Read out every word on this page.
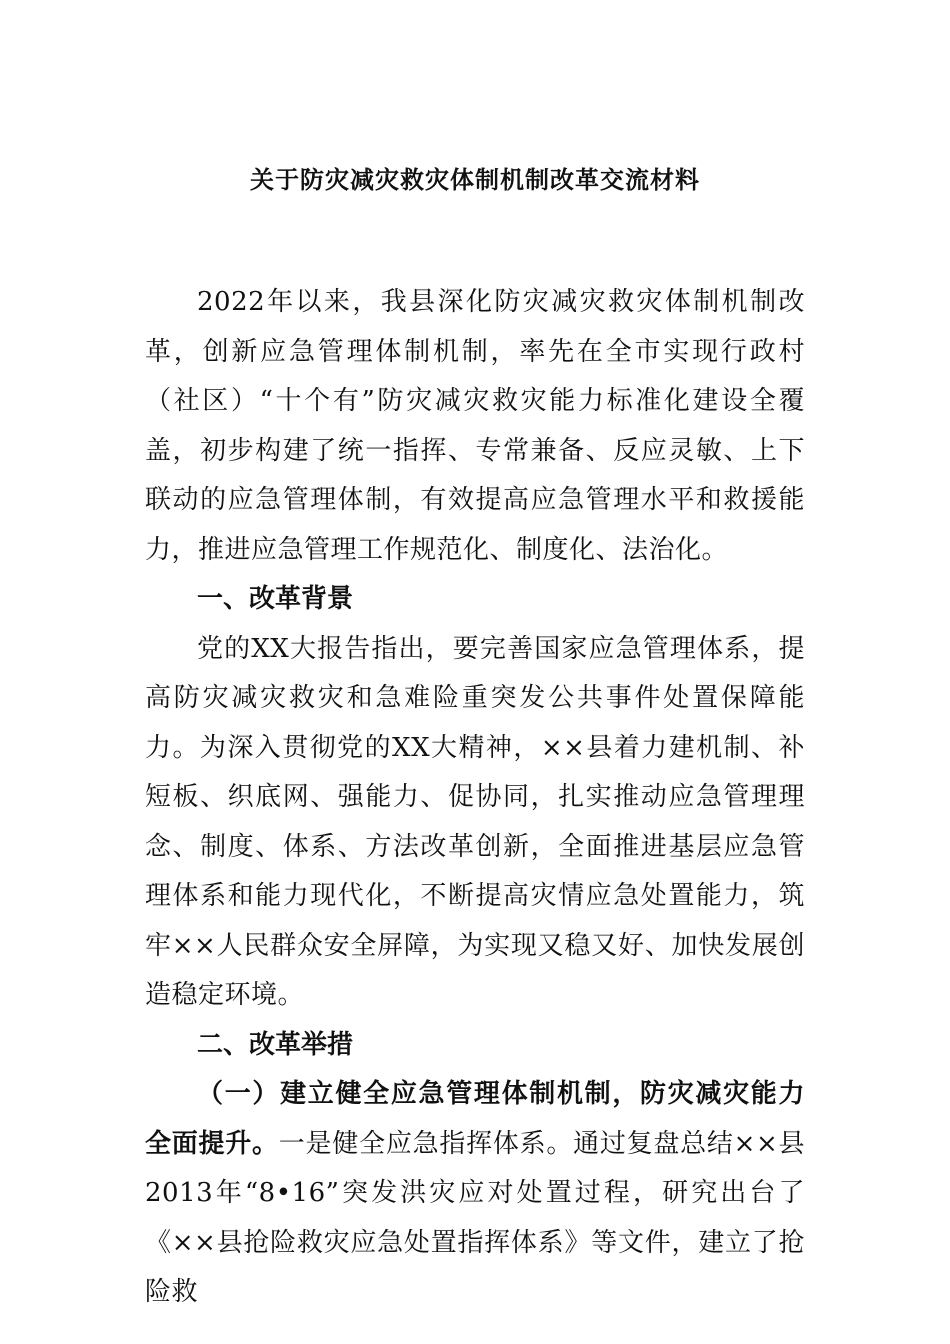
关于防灾减灾救灾体制机制改革交流材料

2022年以来，我县深化防灾减灾救灾体制机制改革，创新应急管理体制机制，率先在全市实现行政村（社区）“十个有”防灾减灾救灾能力标准化建设全覆盖，初步构建了统一指挥、专常兼备、反应灵敏、上下联动的应急管理体制，有效提高应急管理水平和救援能力，推进应急管理工作规范化、制度化、法治化。

一、改革背景

党的XX大报告指出，要完善国家应急管理体系，提高防灾减灾救灾和急难险重突发公共事件处置保障能力。为深入贯彻党的XX大精神，××县着力建机制、补短板、织底网、强能力、促协同，扎实推动应急管理理念、制度、体系、方法改革创新，全面推进基层应急管理体系和能力现代化，不断提高灾情应急处置能力，筑牢××人民群众安全屏障，为实现又稳又好、加快发展创造稳定环境。

二、改革举措

（一）建立健全应急管理体制机制，防灾减灾能力全面提升。一是健全应急指挥体系。通过复盘总结××县2013年“8•16”突发洪灾应对处置过程，研究出台了《××县抢险救灾应急处置指挥体系》等文件，建立了抢险救
